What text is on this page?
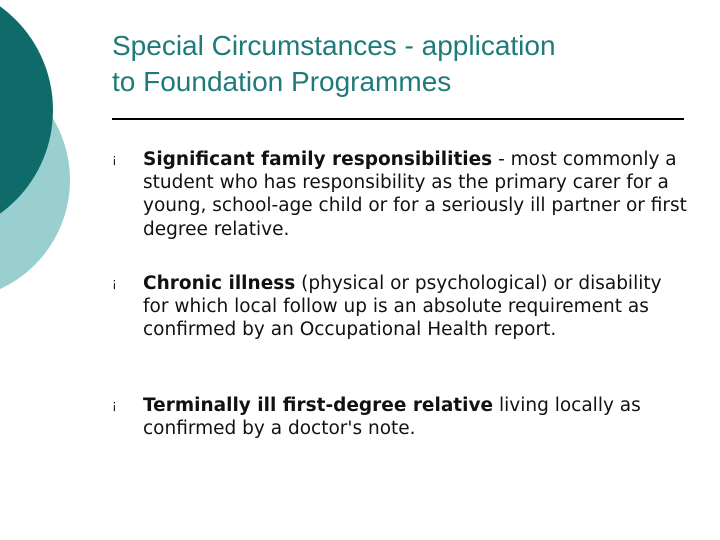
Special Circumstances - application
to Foundation Programmes
¡ Significant family responsibilities - most commonly a student who has responsibility as the primary carer for a young, school-age child or for a seriously ill partner or first degree relative.
¡ Chronic illness (physical or psychological) or disability for which local follow up is an absolute requirement as confirmed by an Occupational Health report.
¡ Terminally ill first-degree relative living locally as confirmed by a doctor's note.
